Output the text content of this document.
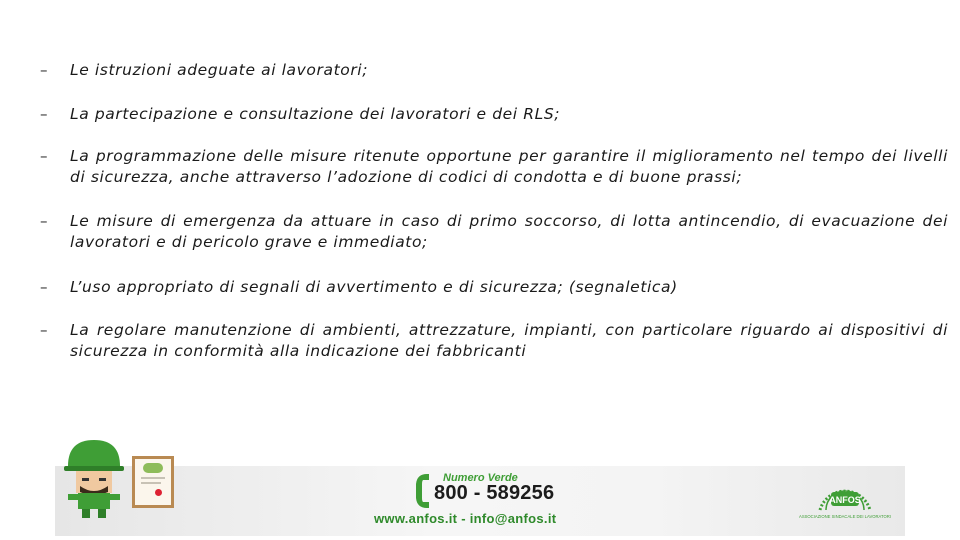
–	Le istruzioni adeguate ai lavoratori;
–	La partecipazione e consultazione dei lavoratori e dei RLS;
–	La programmazione delle misure ritenute opportune per garantire il miglioramento nel tempo dei livelli di sicurezza, anche attraverso l’adozione di codici di condotta e di buone prassi;
–	Le misure di emergenza da attuare in caso di primo soccorso, di lotta antincendio, di evacuazione dei lavoratori e di pericolo grave e immediato;
–	L’uso appropriato di segnali di avvertimento e di sicurezza; (segnaletica)
–	La regolare manutenzione di ambienti, attrezzature, impianti, con particolare riguardo ai dispositivi di sicurezza in conformità alla indicazione dei fabbricanti
Numero Verde
800 - 589256
www.anfos.it - info@anfos.it
ANFOS
ASSOCIAZIONE SINDACALE DEI LAVORATORI
